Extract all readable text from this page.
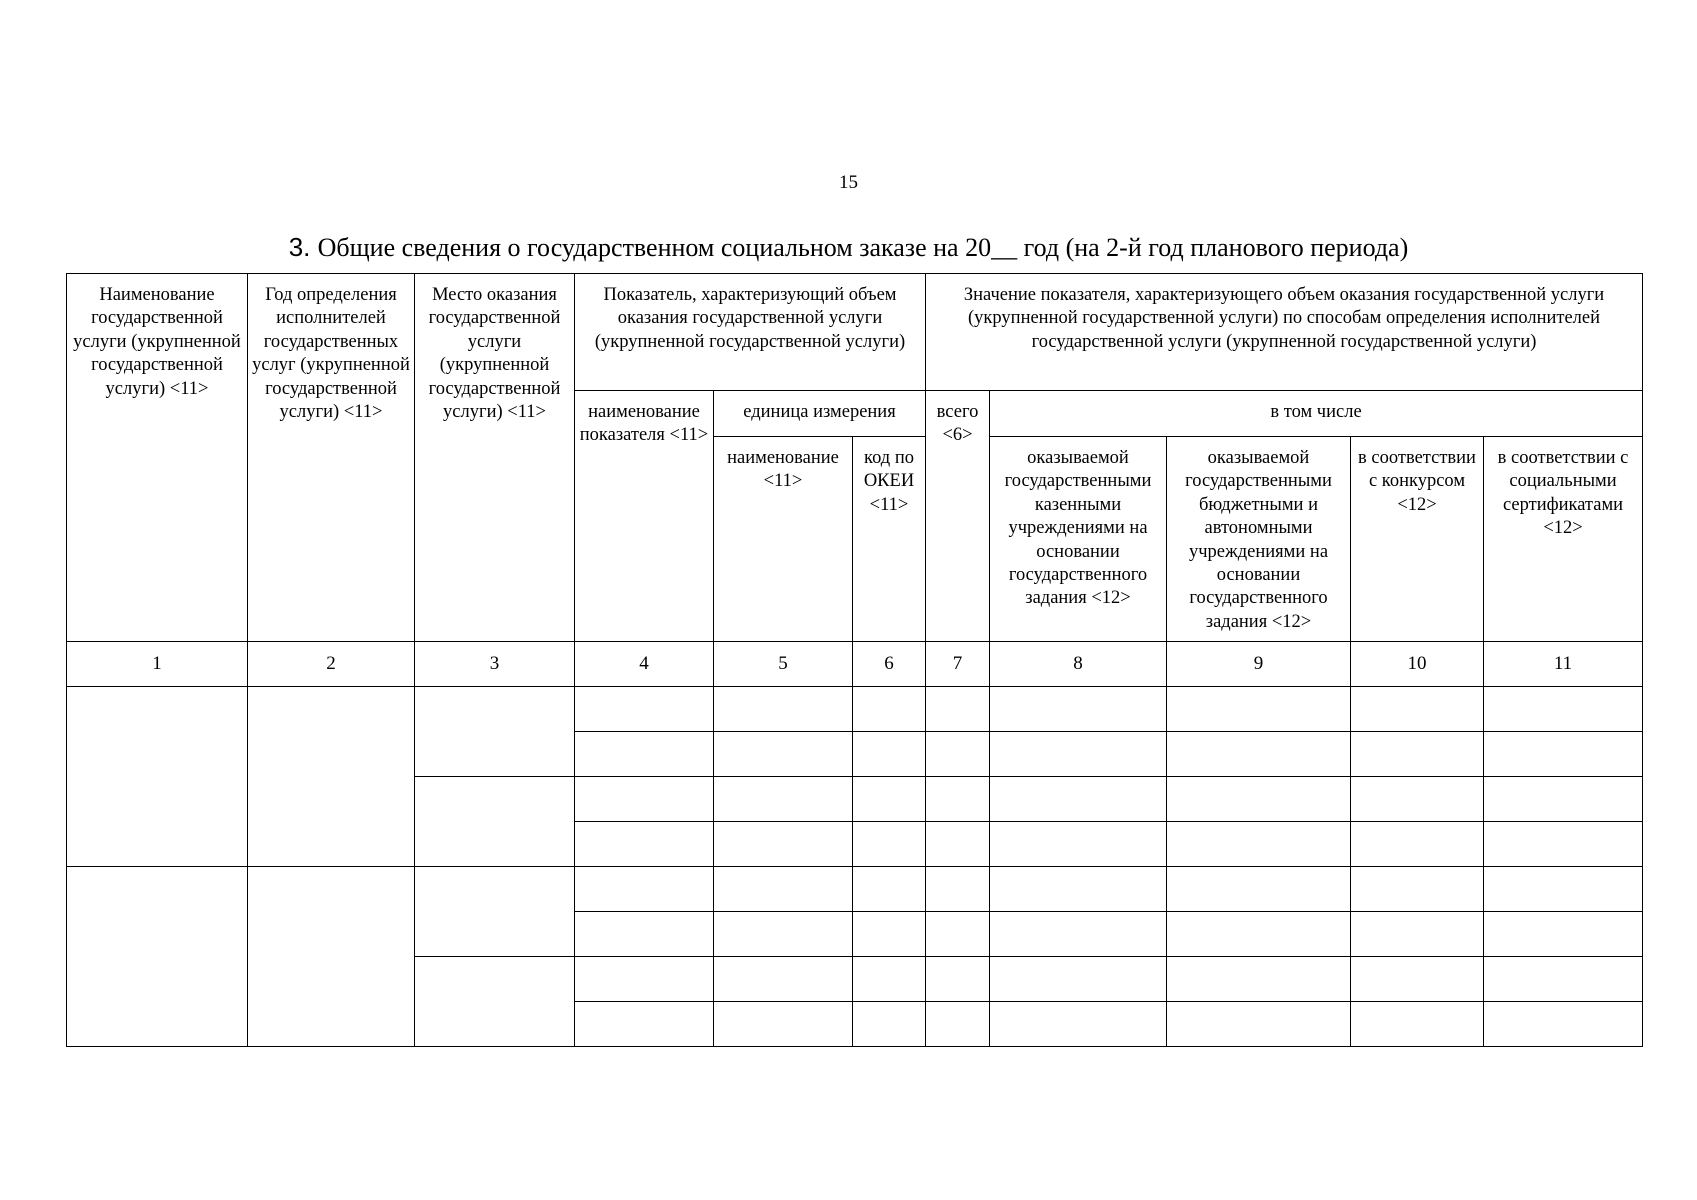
15
3. Общие сведения о государственном социальном заказе на 20__ год (на 2-й год планового периода)
Наименование государственной услуги (укрупненной государственной услуги) <11>	Год определения исполнителей государственных услуг (укрупненной государственной услуги) <11>	Место оказания государственной услуги (укрупненной государственной услуги) <11>	Показатель, характеризующий объем оказания государственной услуги (укрупненной государственной услуги)			Значение показателя, характеризующего объем оказания государственной услуги (укрупненной государственной услуги) по способам определения исполнителей государственной услуги (укрупненной государственной услуги)				
			наименование показателя <11>	единица измерения		всего <6>	в том числе			
				наименование <11>	код по ОКЕИ <11>		оказываемой государственными казенными учреждениями на основании государственного задания <12>	оказываемой государственными бюджетными и автономными учреждениями на основании государственного задания <12>	в соответствии с конкурсом <12>	в соответствии с социальными сертификатами <12>
1	2	3	4	5	6	7	8	9	10	11
